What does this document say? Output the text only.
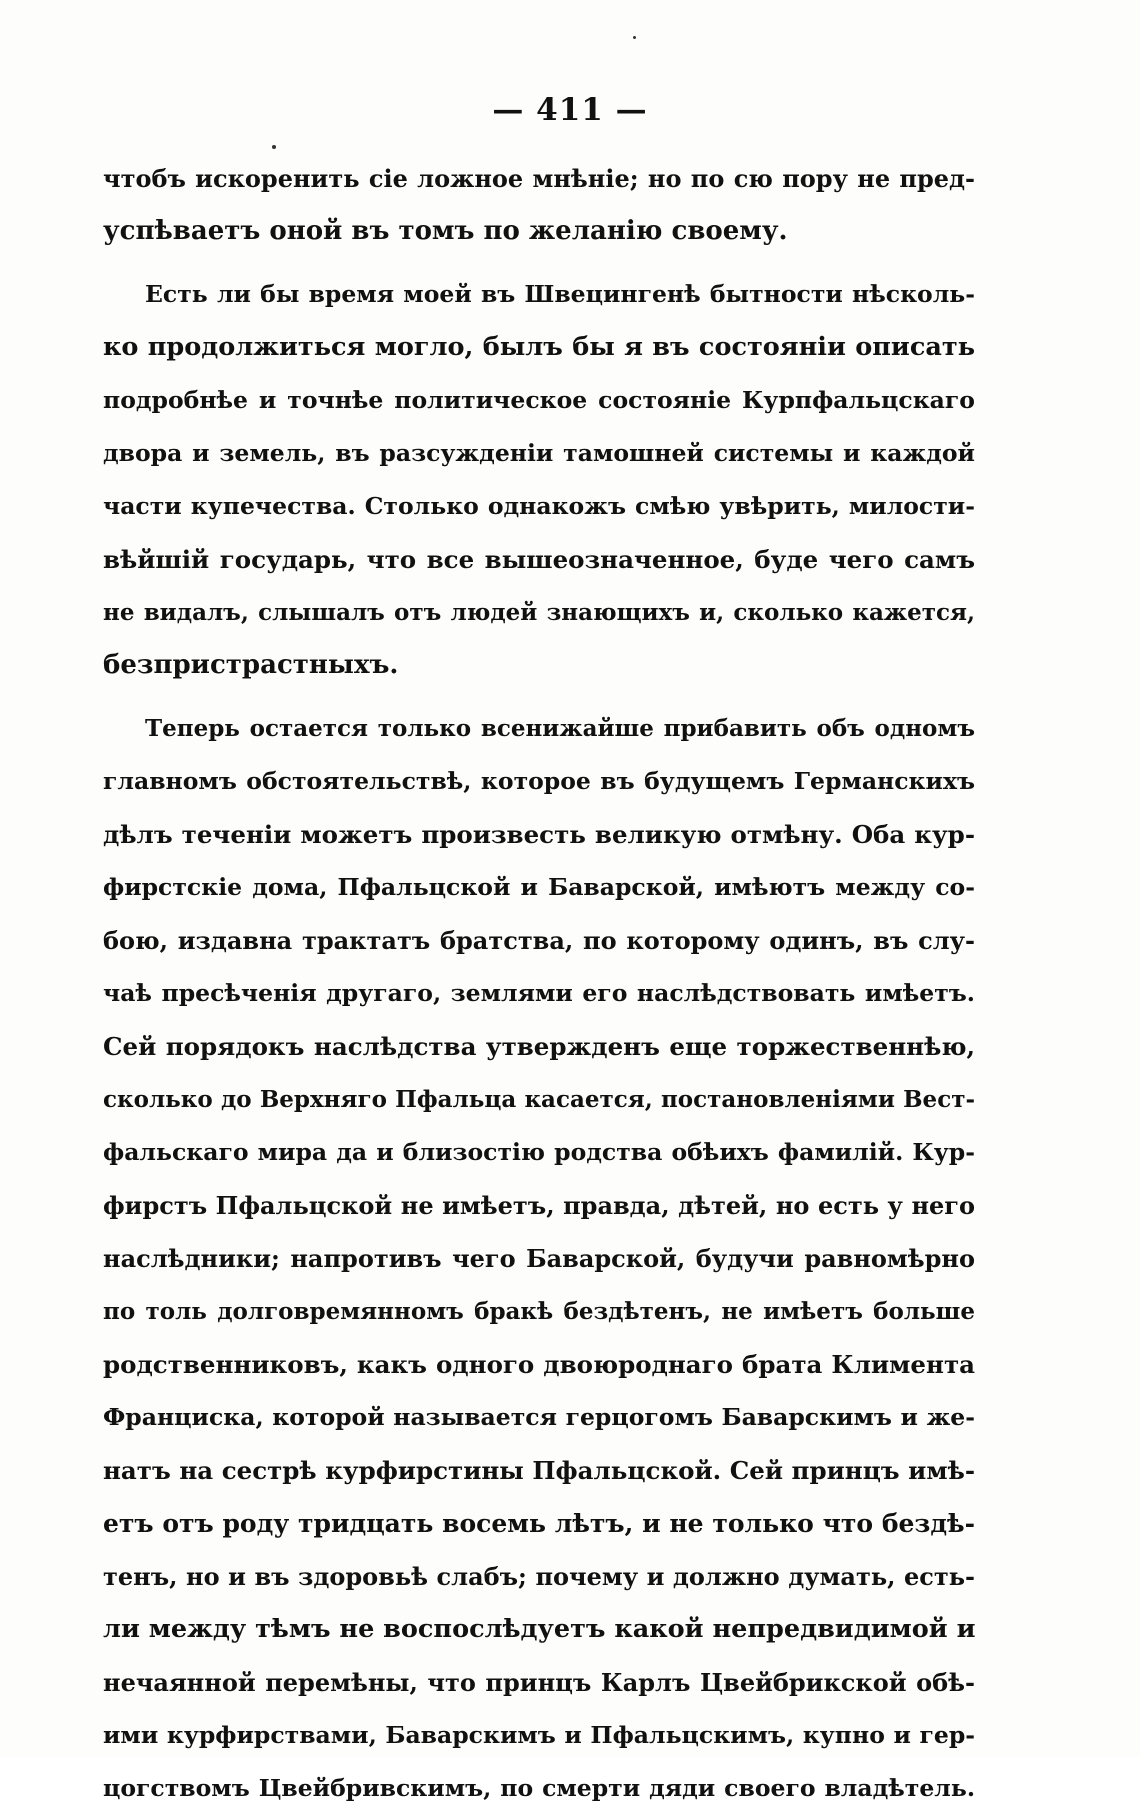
— 411 —
чтобъ искоренить сіе ложное мнѣніе; но по сю пору не пред-
успѣваетъ оной въ томъ по желанію своему.
Есть ли бы время моей въ Швецингенѣ бытности нѣсколь-
ко продолжиться могло, былъ бы я въ состояніи описать
подробнѣе и точнѣе политическое состояніе Курпфальцскаго
двора и земель, въ разсужденіи тамошней системы и каждой
части купечества. Столько однакожъ смѣю увѣрить, милости-
вѣйшій государь, что все вышеозначенное, буде чего самъ
не видалъ, слышалъ отъ людей знающихъ и, сколько кажется,
безпристрастныхъ.
Теперь остается только всенижайше прибавить объ одномъ
главномъ обстоятельствѣ, которое въ будущемъ Германскихъ
дѣлъ теченіи можетъ произвесть великую отмѣну. Оба кур-
фирстскіе дома, Пфальцской и Баварской, имѣютъ между со-
бою, издавна трактатъ братства, по которому одинъ, въ слу-
чаѣ пресѣченія другаго, землями его наслѣдствовать имѣетъ.
Сей порядокъ наслѣдства утвержденъ еще торжественнѣю,
сколько до Верхняго Пфальца касается, постановленіями Вест-
фальскаго мира да и близостію родства обѣихъ фамилій. Кур-
фирстъ Пфальцской не имѣетъ, правда, дѣтей, но есть у него
наслѣдники; напротивъ чего Баварской, будучи равномѣрно
по толь долговремянномъ бракѣ бездѣтенъ, не имѣетъ больше
родственниковъ, какъ одного двоюроднаго брата Климента
Франциска, которой называется герцогомъ Баварскимъ и же-
натъ на сестрѣ курфирстины Пфальцской. Сей принцъ имѣ-
етъ отъ роду тридцать восемь лѣтъ, и не только что бездѣ-
тенъ, но и въ здоровьѣ слабъ; почему и должно думать, есть-
ли между тѣмъ не воспослѣдуетъ какой непредвидимой и
нечаянной перемѣны, что принцъ Карлъ Цвейбрикской обѣ-
ими курфирствами, Баварскимъ и Пфальцскимъ, купно и гер-
цогствомъ Цвейбривскимъ, по смерти дяди своего владѣтель.
